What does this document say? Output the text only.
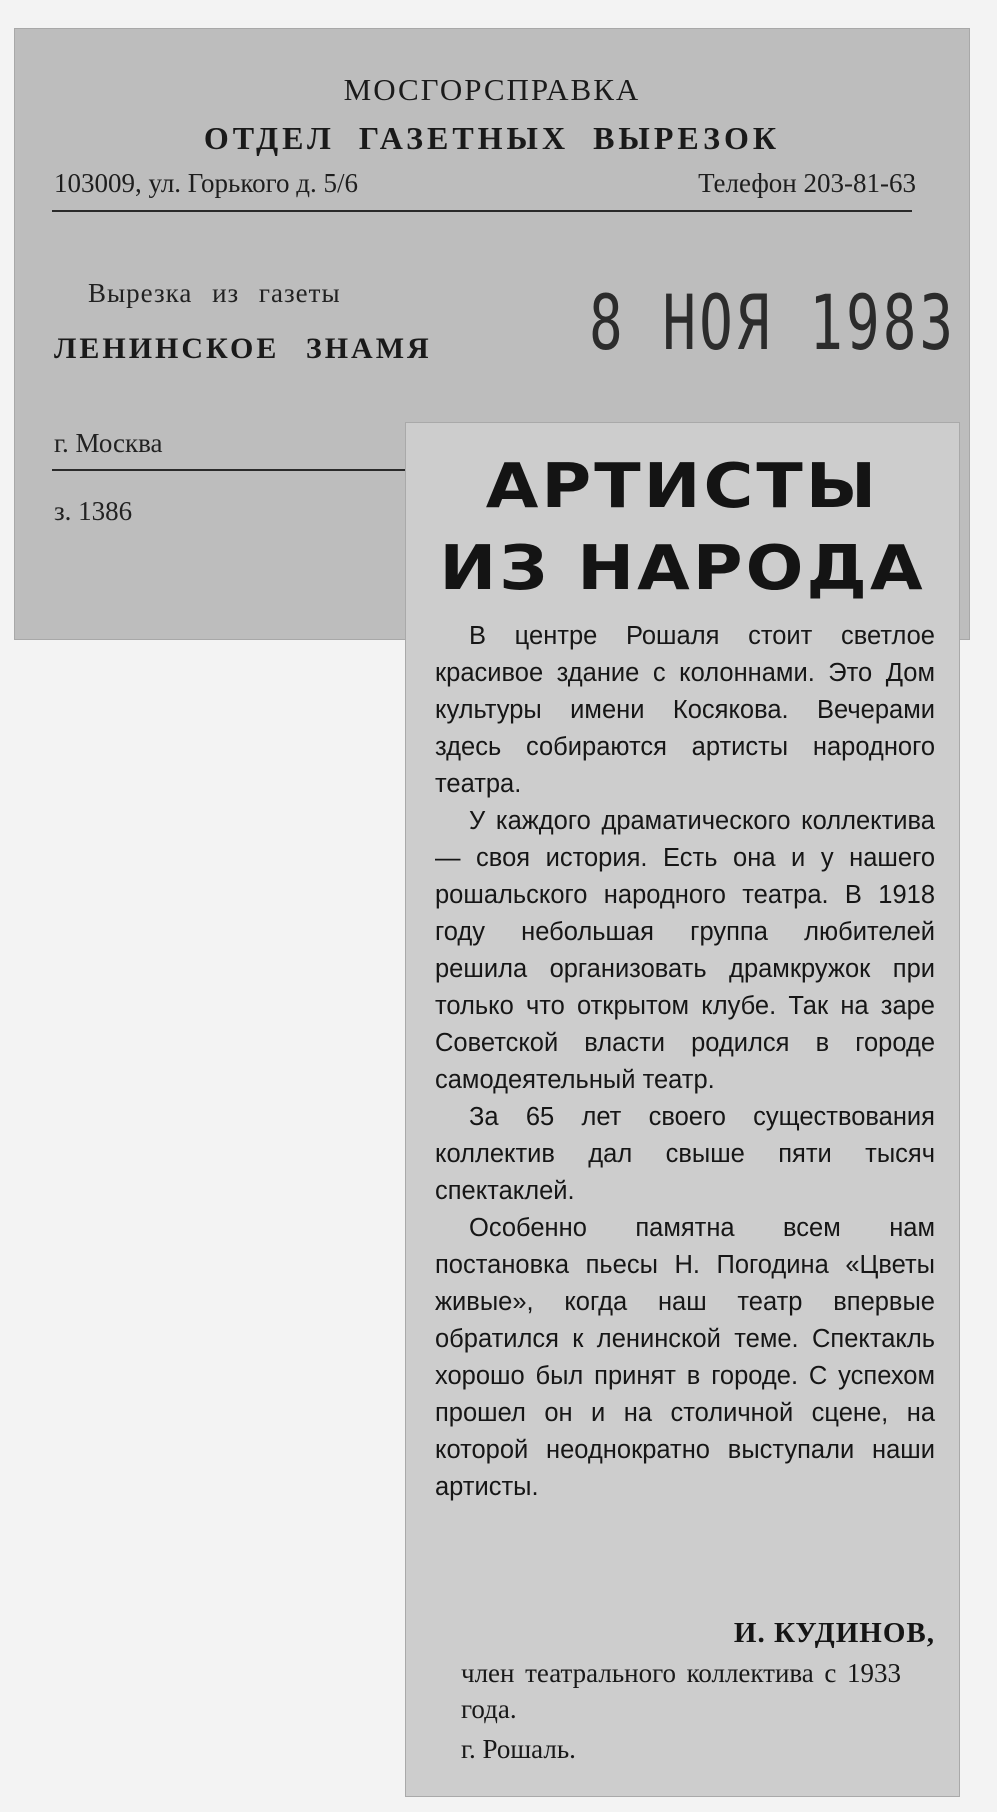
МОСГОРСПРАВКА
ОТДЕЛ ГАЗЕТНЫХ ВЫРЕЗОК
103009, ул. Горького д. 5/6	Телефон 203-81-63
Вырезка из газеты
ЛЕНИНСКОЕ ЗНАМЯ	8 НОЯ 1983
г. Москва
з. 1386	АРТИСТЫ
ИЗ НАРОДА

В центре Рошаля стоит светлое красивое здание с колоннами. Это Дом культуры имени Косякова. Вечерами здесь собираются артисты народного театра.

У каждого драматического коллектива — своя история. Есть она и у нашего рошальского народного театра. В 1918 году небольшая группа любителей решила организовать драмкружок при только что открытом клубе. Так на заре Советской власти родился в городе самодеятельный театр.

За 65 лет своего существования коллектив дал свыше пяти тысяч спектаклей.

Особенно памятна всем нам постановка пьесы Н. Погодина «Цветы живые», когда наш театр впервые обратился к ленинской теме. Спектакль хорошо был принят в городе. С успехом прошел он и на столичной сцене, на которой неоднократно выступали наши артисты.

И. КУДИНОВ,
член театрального коллектива с 1933 года.
г. Рошаль.
